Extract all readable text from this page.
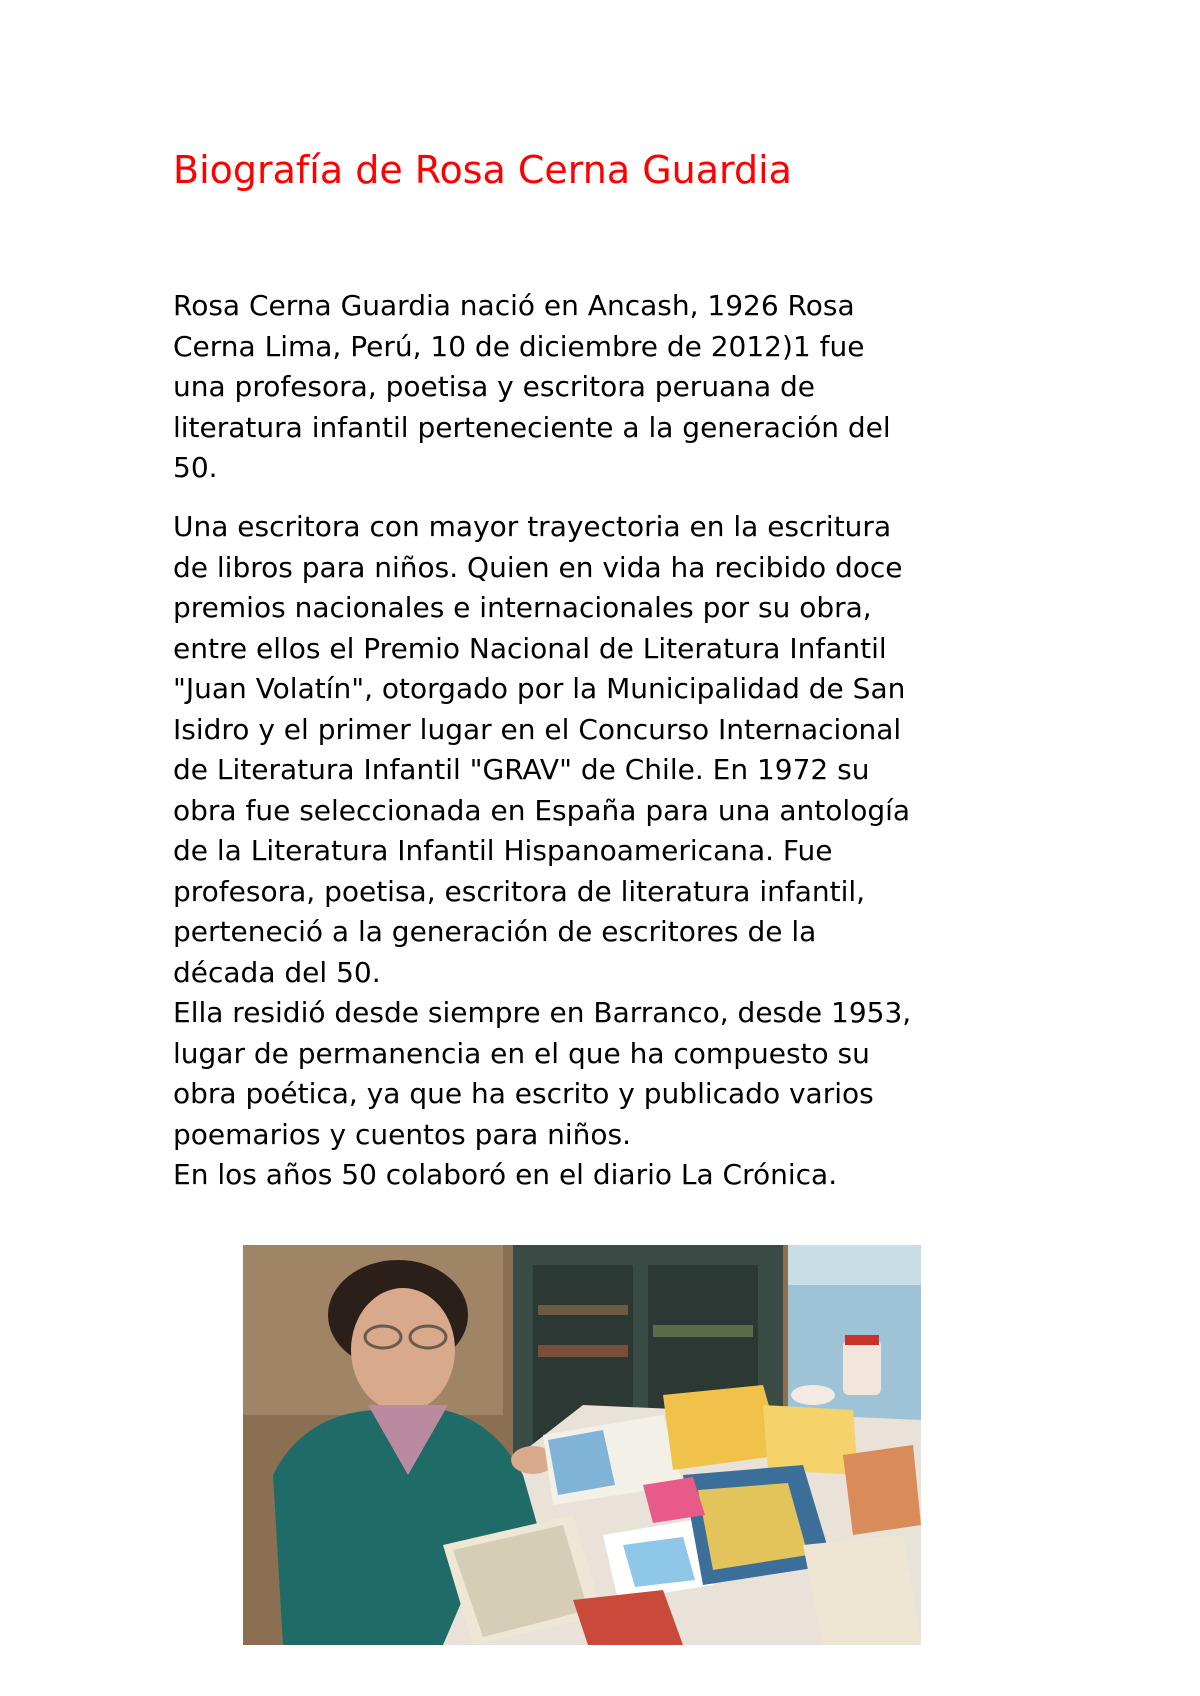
Biografía de Rosa Cerna Guardia
Rosa Cerna Guardia nació en Ancash, 1926 Rosa
Cerna Lima, Perú, 10 de diciembre de 2012)1 fue
una profesora, poetisa y escritora peruana de
literatura infantil perteneciente a la generación del
50.
Una escritora con mayor trayectoria en la escritura
de libros para niños. Quien en vida ha recibido doce
premios nacionales e internacionales por su obra,
entre ellos el Premio Nacional de Literatura Infantil
"Juan Volatín", otorgado por la Municipalidad de San
Isidro y el primer lugar en el Concurso Internacional
de Literatura Infantil "GRAV" de Chile. En 1972 su
obra fue seleccionada en España para una antología
de la Literatura Infantil Hispanoamericana. Fue
profesora, poetisa, escritora de literatura infantil,
perteneció a la generación de escritores de la
década del 50.
Ella residió desde siempre en Barranco, desde 1953,
lugar de permanencia en el que ha compuesto su
obra poética, ya que ha escrito y publicado varios
poemarios y cuentos para niños.
En los años 50 colaboró en el diario La Crónica.
